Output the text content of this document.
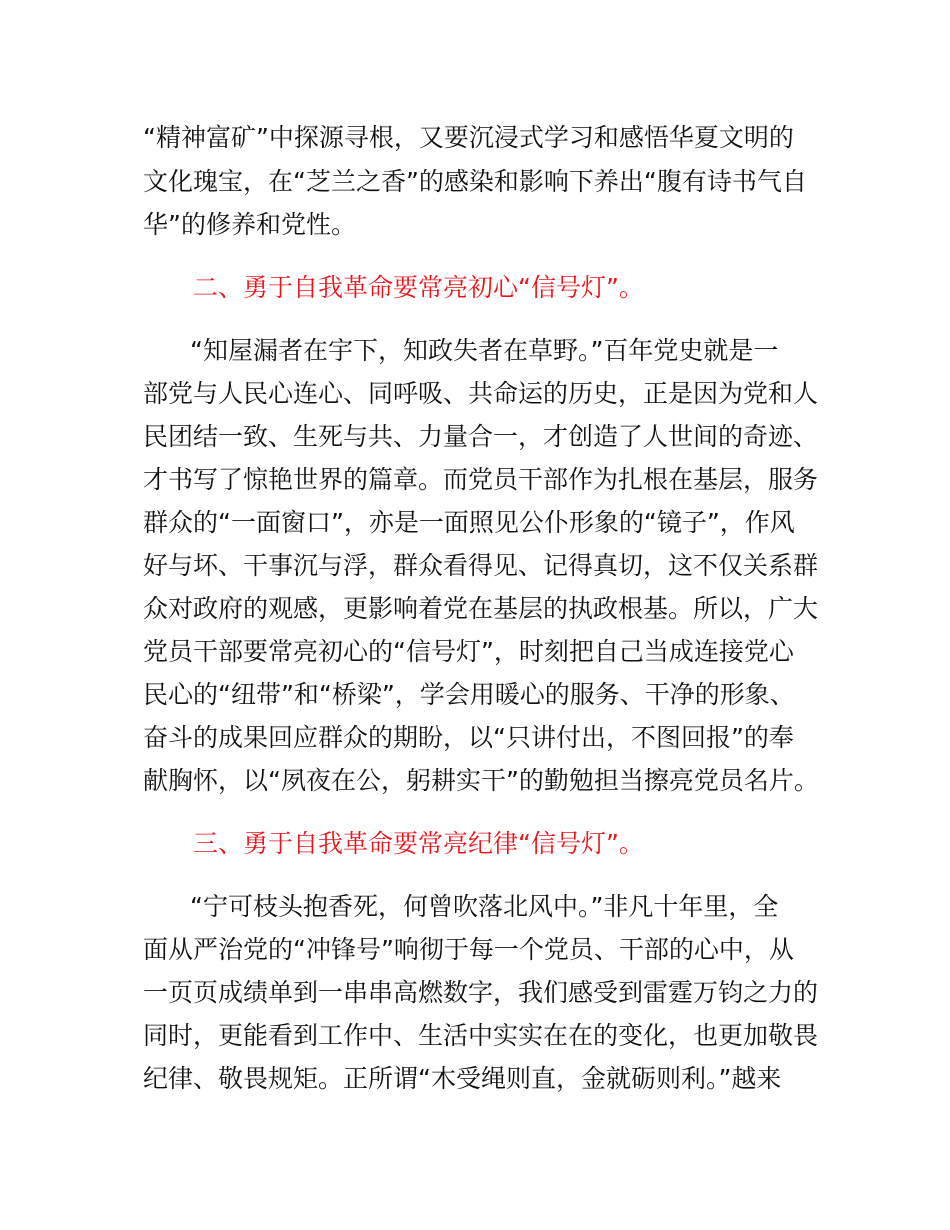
“精神富矿”中探源寻根，又要沉浸式学习和感悟华夏文明的
文化瑰宝，在“芝兰之香”的感染和影响下养出“腹有诗书气自
华”的修养和党性。
二、勇于自我革命要常亮初心“信号灯”。
“知屋漏者在宇下，知政失者在草野。”百年党史就是一
部党与人民心连心、同呼吸、共命运的历史，正是因为党和人
民团结一致、生死与共、力量合一，才创造了人世间的奇迹、
才书写了惊艳世界的篇章。而党员干部作为扎根在基层，服务
群众的“一面窗口”，亦是一面照见公仆形象的“镜子”，作风
好与坏、干事沉与浮，群众看得见、记得真切，这不仅关系群
众对政府的观感，更影响着党在基层的执政根基。所以，广大
党员干部要常亮初心的“信号灯”，时刻把自己当成连接党心
民心的“纽带”和“桥梁”，学会用暖心的服务、干净的形象、
奋斗的成果回应群众的期盼，以“只讲付出，不图回报”的奉
献胸怀，以“夙夜在公，躬耕实干”的勤勉担当擦亮党员名片。
三、勇于自我革命要常亮纪律“信号灯”。
“宁可枝头抱香死，何曾吹落北风中。”非凡十年里，全
面从严治党的“冲锋号”响彻于每一个党员、干部的心中，从
一页页成绩单到一串串高燃数字，我们感受到雷霆万钧之力的
同时，更能看到工作中、生活中实实在在的变化，也更加敬畏
纪律、敬畏规矩。正所谓“木受绳则直，金就砺则利。”越来
